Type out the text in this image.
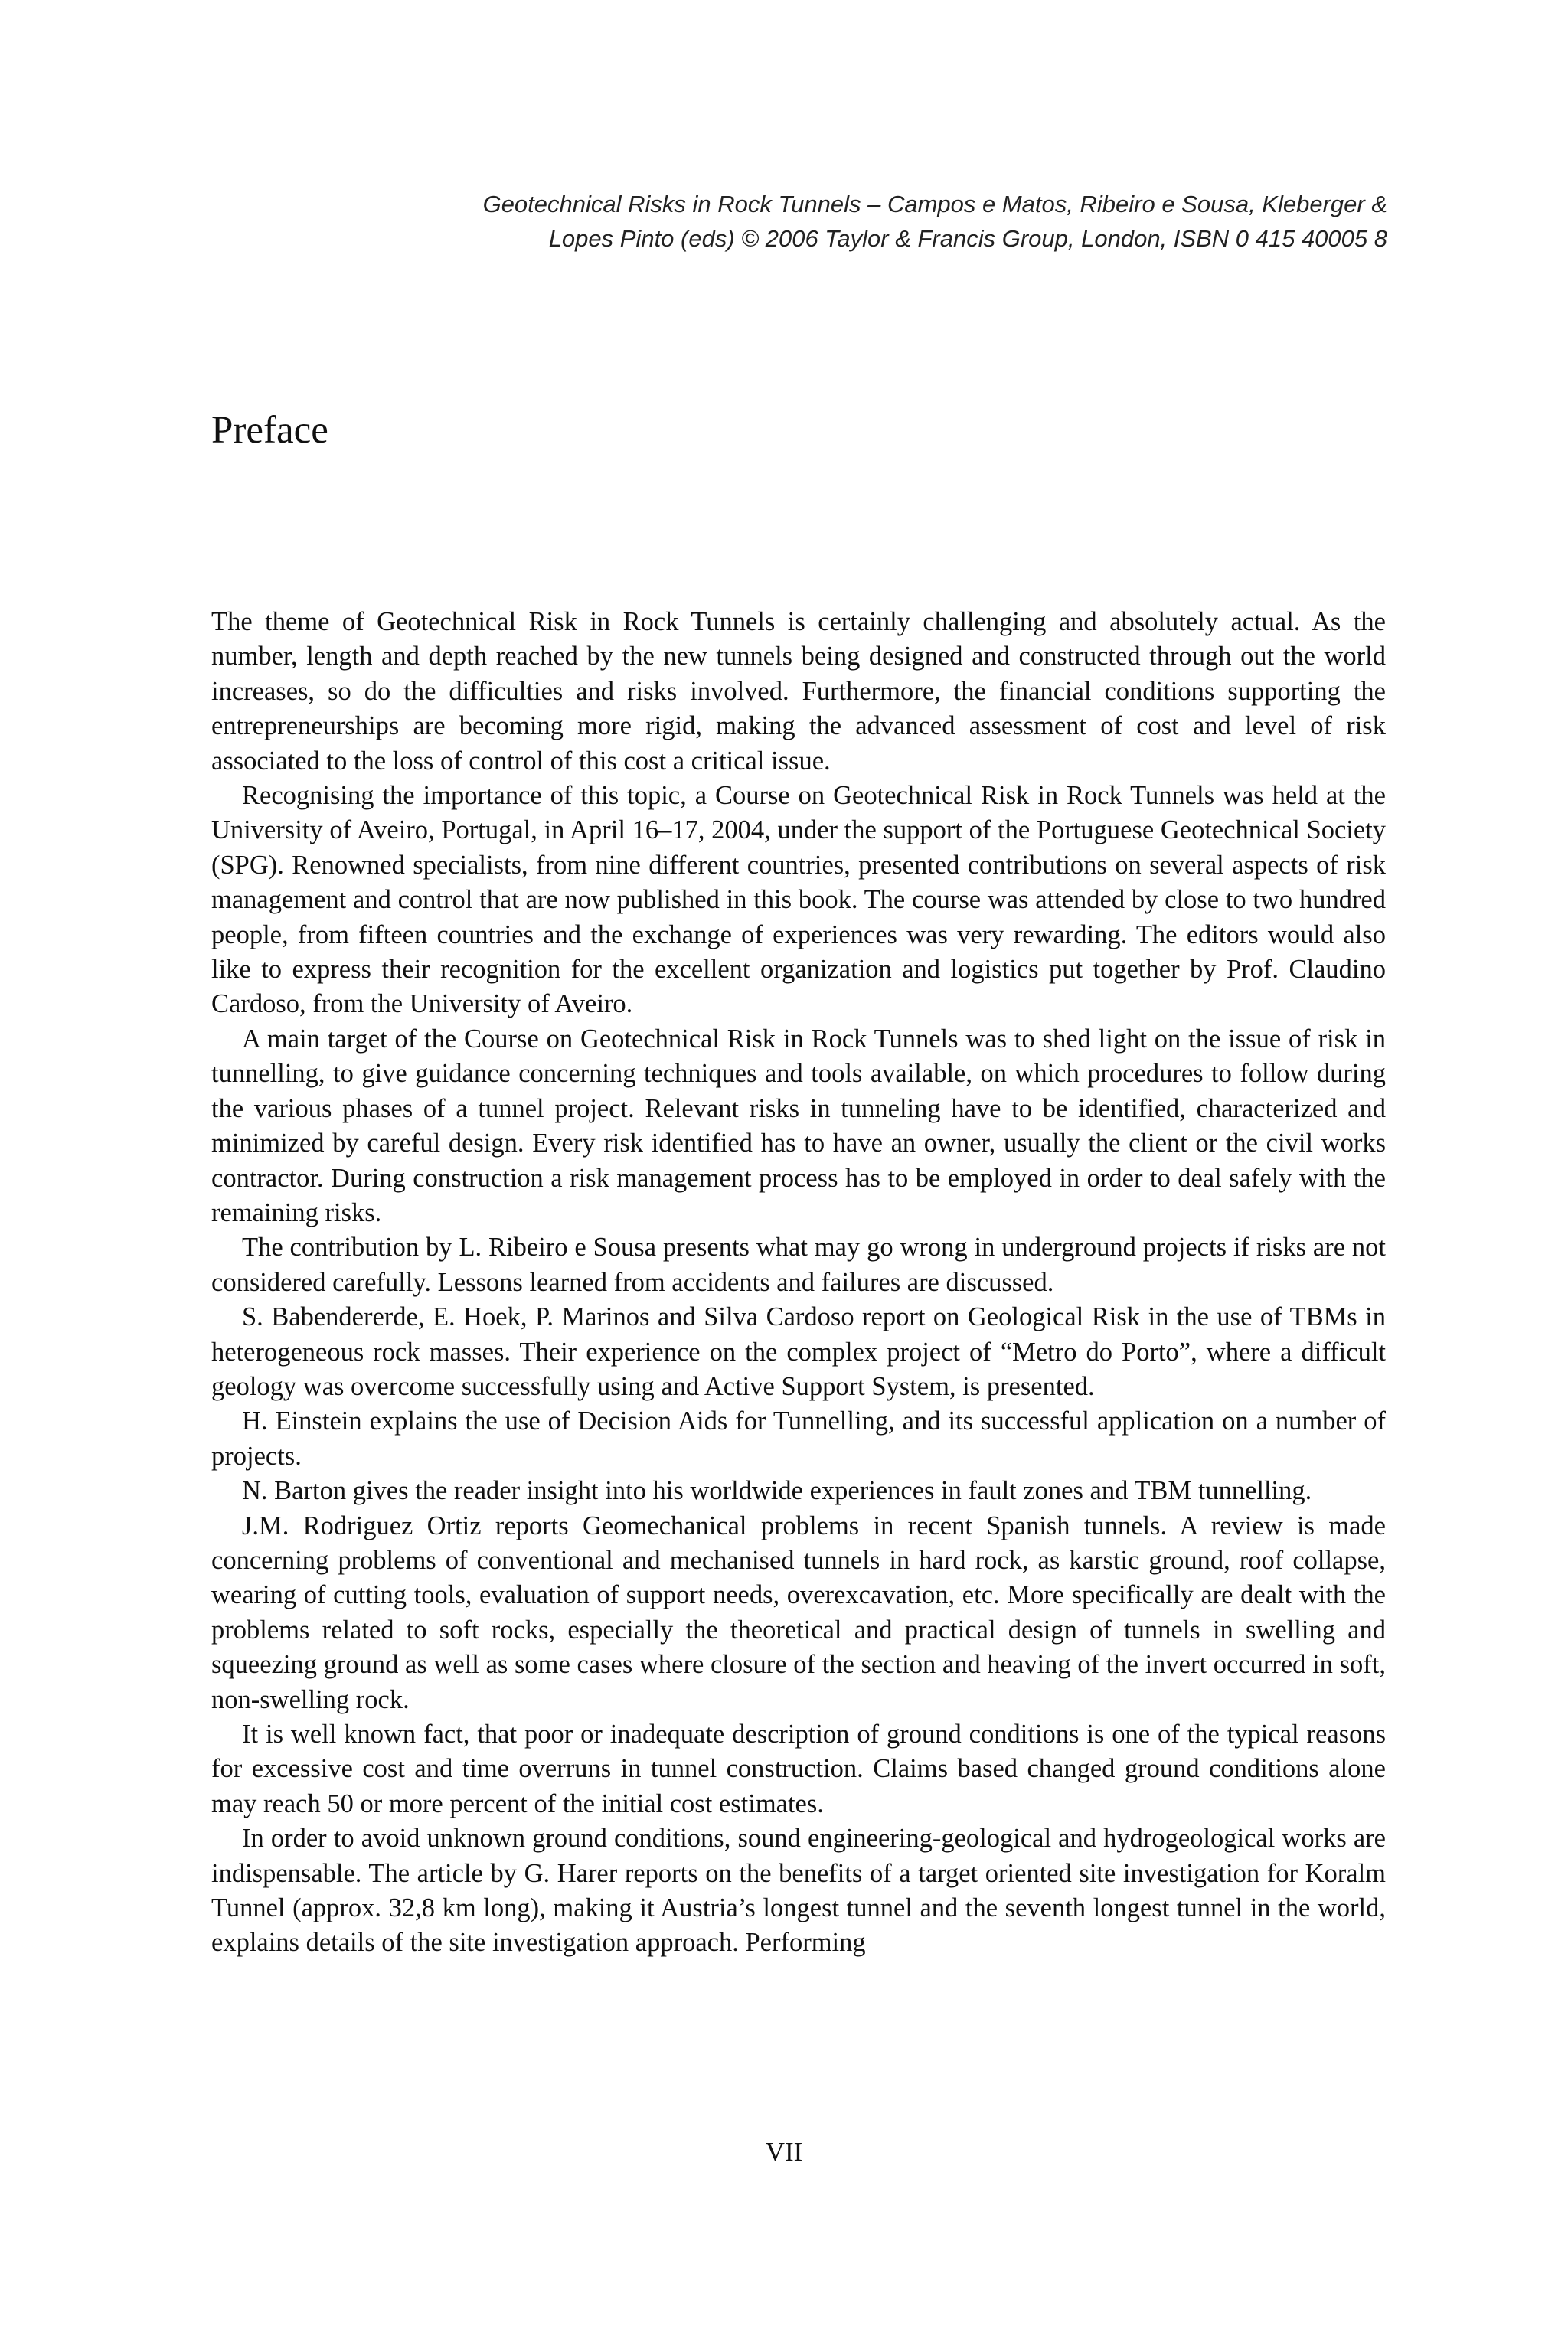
Geotechnical Risks in Rock Tunnels – Campos e Matos, Ribeiro e Sousa, Kleberger &
Lopes Pinto (eds) © 2006 Taylor & Francis Group, London, ISBN 0 415 40005 8
Preface

The theme of Geotechnical Risk in Rock Tunnels is certainly challenging and absolutely actual. As the number, length and depth reached by the new tunnels being designed and constructed through out the world increases, so do the difficulties and risks involved. Furthermore, the financial conditions supporting the entrepreneurships are becoming more rigid, making the advanced assessment of cost and level of risk associated to the loss of control of this cost a critical issue.

Recognising the importance of this topic, a Course on Geotechnical Risk in Rock Tunnels was held at the University of Aveiro, Portugal, in April 16–17, 2004, under the support of the Portuguese Geotechnical Society (SPG). Renowned specialists, from nine different countries, presented contributions on several aspects of risk management and control that are now published in this book. The course was attended by close to two hundred people, from fifteen countries and the exchange of experiences was very rewarding. The editors would also like to express their recognition for the excellent organization and logistics put together by Prof. Claudino Cardoso, from the University of Aveiro.

A main target of the Course on Geotechnical Risk in Rock Tunnels was to shed light on the issue of risk in tunnelling, to give guidance concerning techniques and tools available, on which procedures to follow during the various phases of a tunnel project. Relevant risks in tunneling have to be identified, characterized and minimized by careful design. Every risk identified has to have an owner, usually the client or the civil works contractor. During construction a risk management process has to be employed in order to deal safely with the remaining risks.

The contribution by L. Ribeiro e Sousa presents what may go wrong in underground projects if risks are not considered carefully. Lessons learned from accidents and failures are discussed.

S. Babendererde, E. Hoek, P. Marinos and Silva Cardoso report on Geological Risk in the use of TBMs in heterogeneous rock masses. Their experience on the complex project of “Metro do Porto”, where a difficult geology was overcome successfully using and Active Support System, is presented.

H. Einstein explains the use of Decision Aids for Tunnelling, and its successful application on a number of projects.

N. Barton gives the reader insight into his worldwide experiences in fault zones and TBM tunnelling.

J.M. Rodriguez Ortiz reports Geomechanical problems in recent Spanish tunnels. A review is made concerning problems of conventional and mechanised tunnels in hard rock, as karstic ground, roof collapse, wearing of cutting tools, evaluation of support needs, overexcavation, etc. More specifically are dealt with the problems related to soft rocks, especially the theoretical and practical design of tunnels in swelling and squeezing ground as well as some cases where closure of the section and heaving of the invert occurred in soft, non-swelling rock.

It is well known fact, that poor or inadequate description of ground conditions is one of the typical reasons for excessive cost and time overruns in tunnel construction. Claims based changed ground conditions alone may reach 50 or more percent of the initial cost estimates.

In order to avoid unknown ground conditions, sound engineering-geological and hydrogeological works are indispensable. The article by G. Harer reports on the benefits of a target oriented site investigation for Koralm Tunnel (approx. 32,8 km long), making it Austria’s longest tunnel and the seventh longest tunnel in the world, explains details of the site investigation approach. Performing

VII
